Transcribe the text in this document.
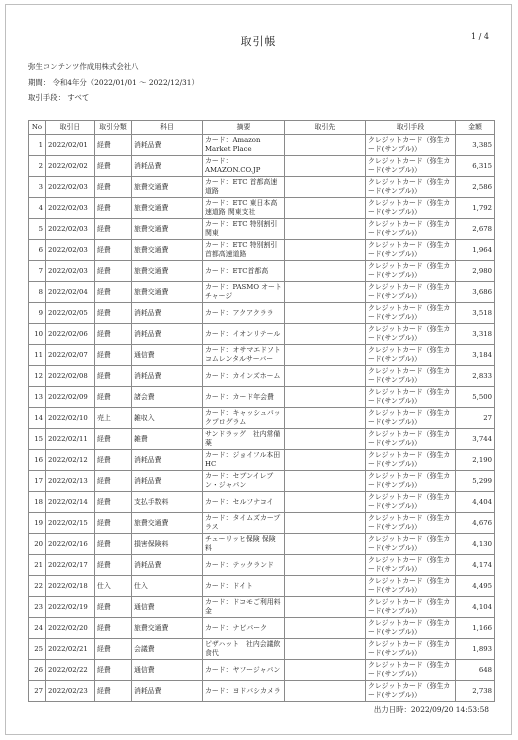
取引帳	1 / 4
弥生コンテンツ作成用株式会社八
期間： 令和4年分（2022/01/01 ～ 2022/12/31）
取引手段： すべて
No	取引日	取引分類	科目	摘要	取引先	取引手段	金額
1	2022/02/01	経費	消耗品費	カード：Amazon Market Place		クレジットカード（弥生カード(サンプル)）	3,385
2	2022/02/02	経費	消耗品費	カード：AMAZON.CO.JP		クレジットカード（弥生カード(サンプル)）	6,315
3	2022/02/03	経費	旅費交通費	カード：ETC 首都高速道路		クレジットカード（弥生カード(サンプル)）	2,586
4	2022/02/03	経費	旅費交通費	カード：ETC 東日本高速道路 関東支社		クレジットカード（弥生カード(サンプル)）	1,792
5	2022/02/03	経費	旅費交通費	カード：ETC 特別割引 関東		クレジットカード（弥生カード(サンプル)）	2,678
6	2022/02/03	経費	旅費交通費	カード：ETC 特別割引 首都高速道路		クレジットカード（弥生カード(サンプル)）	1,964
7	2022/02/03	経費	旅費交通費	カード：ETC首都高		クレジットカード（弥生カード(サンプル)）	2,980
8	2022/02/04	経費	旅費交通費	カード：PASMO オートチャージ		クレジットカード（弥生カード(サンプル)）	3,686
9	2022/02/05	経費	消耗品費	カード：アクアクララ		クレジットカード（弥生カード(サンプル)）	3,518
10	2022/02/06	経費	消耗品費	カード：イオンリテール		クレジットカード（弥生カード(サンプル)）	3,318
11	2022/02/07	経費	通信費	カード：オサマエドソトコムレンタルサーバー		クレジットカード（弥生カード(サンプル)）	3,184
12	2022/02/08	経費	消耗品費	カード：カインズホーム		クレジットカード（弥生カード(サンプル)）	2,833
13	2022/02/09	経費	諸会費	カード：カード年会費		クレジットカード（弥生カード(サンプル)）	5,500
14	2022/02/10	売上	雑収入	カード：キャッシュバックプログラム		クレジットカード（弥生カード(サンプル)）	27
15	2022/02/11	経費	雑費	サンドラッグ　社内常備薬		クレジットカード（弥生カード(サンプル)）	3,744
16	2022/02/12	経費	消耗品費	カード：ジョイフル本田 HC		クレジットカード（弥生カード(サンプル)）	2,190
17	2022/02/13	経費	消耗品費	カード：セブンイレブン・ジャパン		クレジットカード（弥生カード(サンプル)）	5,299
18	2022/02/14	経費	支払手数料	カード：セルフナコイ		クレジットカード（弥生カード(サンプル)）	4,404
19	2022/02/15	経費	旅費交通費	カード：タイムズカープラス		クレジットカード（弥生カード(サンプル)）	4,676
20	2022/02/16	経費	損害保険料	チューリッヒ保険 保険料		クレジットカード（弥生カード(サンプル)）	4,130
21	2022/02/17	経費	消耗品費	カード：テックランド		クレジットカード（弥生カード(サンプル)）	4,174
22	2022/02/18	仕入	仕入	カード：ドイト		クレジットカード（弥生カード(サンプル)）	4,495
23	2022/02/19	経費	通信費	カード：ドコモご利用料金		クレジットカード（弥生カード(サンプル)）	4,104
24	2022/02/20	経費	旅費交通費	カード：ナビパーク		クレジットカード（弥生カード(サンプル)）	1,166
25	2022/02/21	経費	会議費	ピザハット　社内会議飲食代		クレジットカード（弥生カード(サンプル)）	1,893
26	2022/02/22	経費	通信費	カード：ヤフージャパン		クレジットカード（弥生カード(サンプル)）	648
27	2022/02/23	経費	消耗品費	カード：ヨドバシカメラ		クレジットカード（弥生カード(サンプル)）	2,738
出力日時：2022/09/20 14:53:58
